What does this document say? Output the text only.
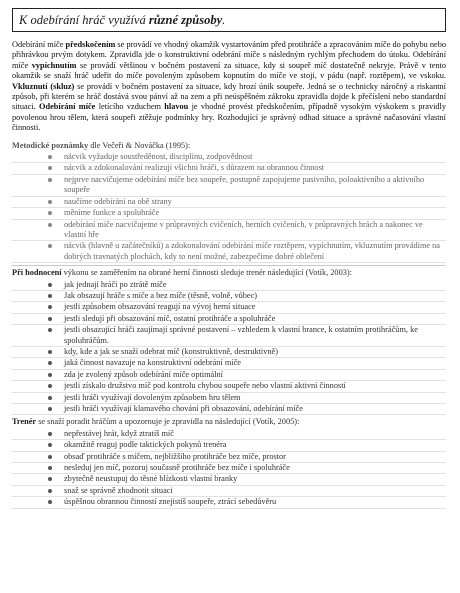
K odebírání hráč využívá různé způsoby.

Odebírání míče předskočením se provádí ve vhodný okamžik vystartováním před protihráče a zpracováním míče do pohybu nebo přihrávkou prvým dotykem. Zpravidla jde o konstruktivní odebrání míče s následným rychlým přechodem do útoku. Odebírání míče vypíchnutím se provádí většinou v bočném postavení za situace, kdy si soupeř míč dostatečně nekryje. Právě v tento okamžik se snaží hráč udeřit do míče povoleným způsobem kopnutím do míče ve stoji, v pádu (např. roztěpem), ve vskoku. Vkluznutí (skluz) se provádí v bočném postavení za situace, kdy hrozí únik soupeře. Jedná se o technicky náročný a riskantní způsob, při kterém se hráč dostává svou pánví až na zem a při neúspěšném zákroku zpravidla dojde k přečíslení nebo standardní situaci. Odebírání míče letícího vzduchem hlavou je vhodné provést předskočením, případně vysokým výskokem s pravidly povolenou hrou tělem, která soupeři ztěžuje podmínky hry. Rozhodující je správný odhad situace a správné načasování vlastní činnosti.

Metodické poznámky dle Večeři & Nováčka (1995):
nácvik vyžaduje soustředěnost, disciplínu, zodpovědnost
nácvik a zdokonalování realizují všichni hráči, s důrazem na obrannou činnost
nejprve nacvičujeme odebírání míče bez soupeře, postupně zapojujeme pasivního, poloaktivního a aktivního soupeře
naučíme odebírání na obě strany
měníme funkce a spoluhráče
odebírání míče nacvičujeme v průpravných cvičeních, herních cvičeních, v průpravných hrách a nakonec ve vlastní hře
nácvik (hlavně u začátečníků) a zdokonalování odebírání míče roztěpem, vypíchnutím, vkluznutím provádíme na dobrých travnatých plochách, kdy to není možné, zabezpečíme dobré oblečení
Při hodnocení výkonu se zaměřením na obrané herní činnosti sleduje trenér následující (Votík, 2003):
jak jednají hráči po ztrátě míče
Jak obsazují hráče s míče a bez míče (těsně, volně, vůbec)
jestli způsobem obsazování reagují na vývoj herní situace
jestli sledují při obsazování míč, ostatní protihráče a spoluhráče
jestli obsazující hráči zaujímají správné postavení – vzhledem k vlastní brance, k ostatním protihráčům, ke spoluhráčům.
kdy, kde a jak se snaží odebrat míč (konstruktivně, destruktivně)
jaká činnost navazuje na konstruktivní odebrání míče
zda je zvolený způsob odebírání míče optimální
jestli získalo družstvo míč pod kontrolu chybou soupeře nebo vlastní aktivní činností
jestli hráči využívají dovoleným způsobem hru tělem
jestli hráči využívají klamavého chování při obsazování, odebírání míče
Trenér se snaží poradit hráčům a upozornuje je zpravidla na následující (Votík, 2005):
nepřestávej hrát, když ztratíš míč
okamžitě reaguj podle taktických pokynů trenéra
obsaď protihráče s míčem, nejbližšího protihráče bez míče, prostor
nesleduj jen míč, pozoruj současně protihráče bez míče i spoluhráče
zbytečně neustupuj do těsné blízkosti vlastní branky
snaž se správně zhodnotit situaci
úspěšnou obrannou činností znejistíš soupeře, ztrácí sebedůvěru
